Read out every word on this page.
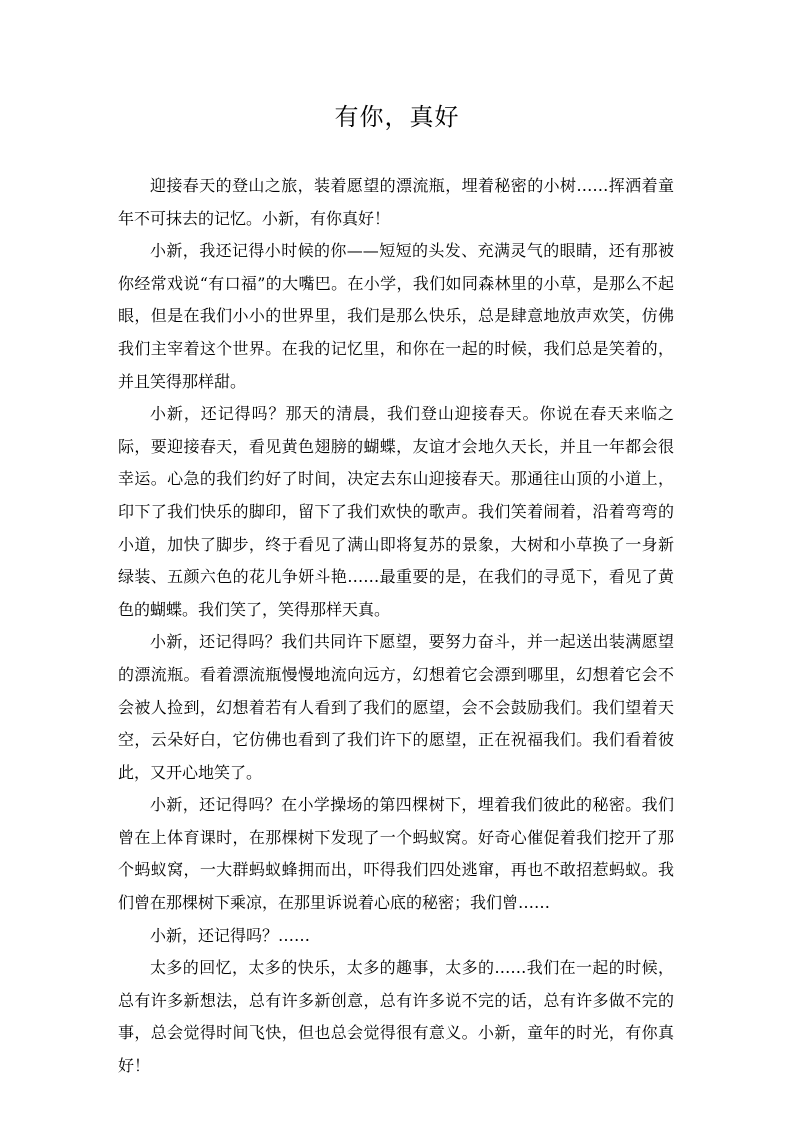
有你，真好

迎接春天的登山之旅，装着愿望的漂流瓶，埋着秘密的小树……挥洒着童年不可抹去的记忆。小新，有你真好！

小新，我还记得小时候的你——短短的头发、充满灵气的眼睛，还有那被你经常戏说“有口福”的大嘴巴。在小学，我们如同森林里的小草，是那么不起眼，但是在我们小小的世界里，我们是那么快乐，总是肆意地放声欢笑，仿佛我们主宰着这个世界。在我的记忆里，和你在一起的时候，我们总是笑着的，并且笑得那样甜。

小新，还记得吗？那天的清晨，我们登山迎接春天。你说在春天来临之际，要迎接春天，看见黄色翅膀的蝴蝶，友谊才会地久天长，并且一年都会很幸运。心急的我们约好了时间，决定去东山迎接春天。那通往山顶的小道上，印下了我们快乐的脚印，留下了我们欢快的歌声。我们笑着闹着，沿着弯弯的小道，加快了脚步，终于看见了满山即将复苏的景象，大树和小草换了一身新绿装、五颜六色的花儿争妍斗艳……最重要的是，在我们的寻觅下，看见了黄色的蝴蝶。我们笑了，笑得那样天真。

小新，还记得吗？我们共同许下愿望，要努力奋斗，并一起送出装满愿望的漂流瓶。看着漂流瓶慢慢地流向远方，幻想着它会漂到哪里，幻想着它会不会被人捡到，幻想着若有人看到了我们的愿望，会不会鼓励我们。我们望着天空，云朵好白，它仿佛也看到了我们许下的愿望，正在祝福我们。我们看着彼此，又开心地笑了。

小新，还记得吗？在小学操场的第四棵树下，埋着我们彼此的秘密。我们曾在上体育课时，在那棵树下发现了一个蚂蚁窝。好奇心催促着我们挖开了那个蚂蚁窝，一大群蚂蚁蜂拥而出，吓得我们四处逃窜，再也不敢招惹蚂蚁。我们曾在那棵树下乘凉，在那里诉说着心底的秘密；我们曾……

小新，还记得吗？……

太多的回忆，太多的快乐，太多的趣事，太多的……我们在一起的时候，总有许多新想法，总有许多新创意，总有许多说不完的话，总有许多做不完的事，总会觉得时间飞快，但也总会觉得很有意义。小新，童年的时光，有你真好！
